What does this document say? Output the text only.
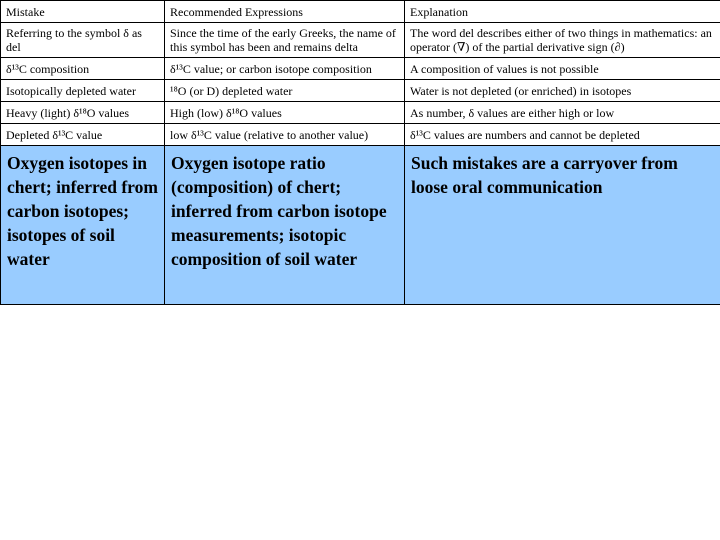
Mistake	Recommended Expressions	Explanation
Referring to the symbol δ as del	Since the time of the early Greeks, the name of this symbol has been and remains delta	The word del describes either of two things in mathematics: an operator (∇) of the partial derivative sign (∂)
δ¹³C composition	δ¹³C value; or carbon isotope composition	A composition of values is not possible
Isotopically depleted water	¹⁸O (or D) depleted water	Water is not depleted (or enriched) in isotopes
Heavy (light) δ¹⁸O values	High (low) δ¹⁸O values	As number, δ values are either high or low
Depleted δ¹³C value	low δ¹³C value (relative to another value)	δ¹³C values are numbers and cannot be depleted
Oxygen isotopes in chert; inferred from carbon isotopes; isotopes of soil water	Oxygen isotope ratio (composition) of chert; inferred from carbon isotope measurements; isotopic composition of soil water	Such mistakes are a carryover from loose oral communication
